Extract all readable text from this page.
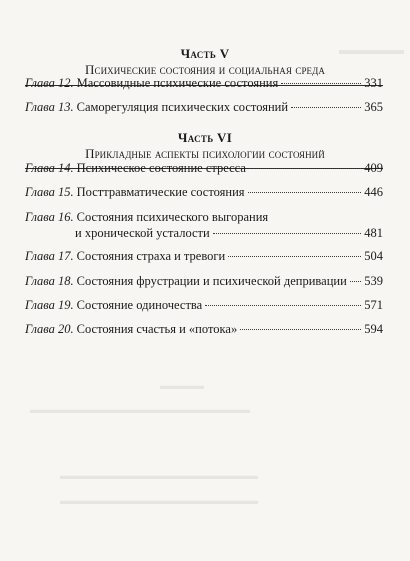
▬▬▬▬▬
▬▬▬▬
▬▬▬▬▬▬▬▬▬▬▬▬▬▬▬▬▬▬▬▬
▬▬▬▬▬▬▬▬▬▬▬▬▬▬▬▬▬▬
▬▬▬▬▬▬▬▬▬▬▬▬▬▬▬▬▬▬
Часть V
Психические состояния и социальная среда
Глава 12. Массовидные психические состояния	331
Глава 13. Саморегуляция психических состояний	365
Часть VI
Прикладные аспекты психологии состояний
Глава 14. Психическое состояние стресса	409
Глава 15. Посттравматические состояния	446
Глава 16. Состояния психического выгорания
и хронической усталости	481
Глава 17. Состояния страха и тревоги	504
Глава 18. Состояния фрустрации и психической депривации 539
Глава 19. Состояние одиночества	571
Глава 20. Состояния счастья и «потока»	594
